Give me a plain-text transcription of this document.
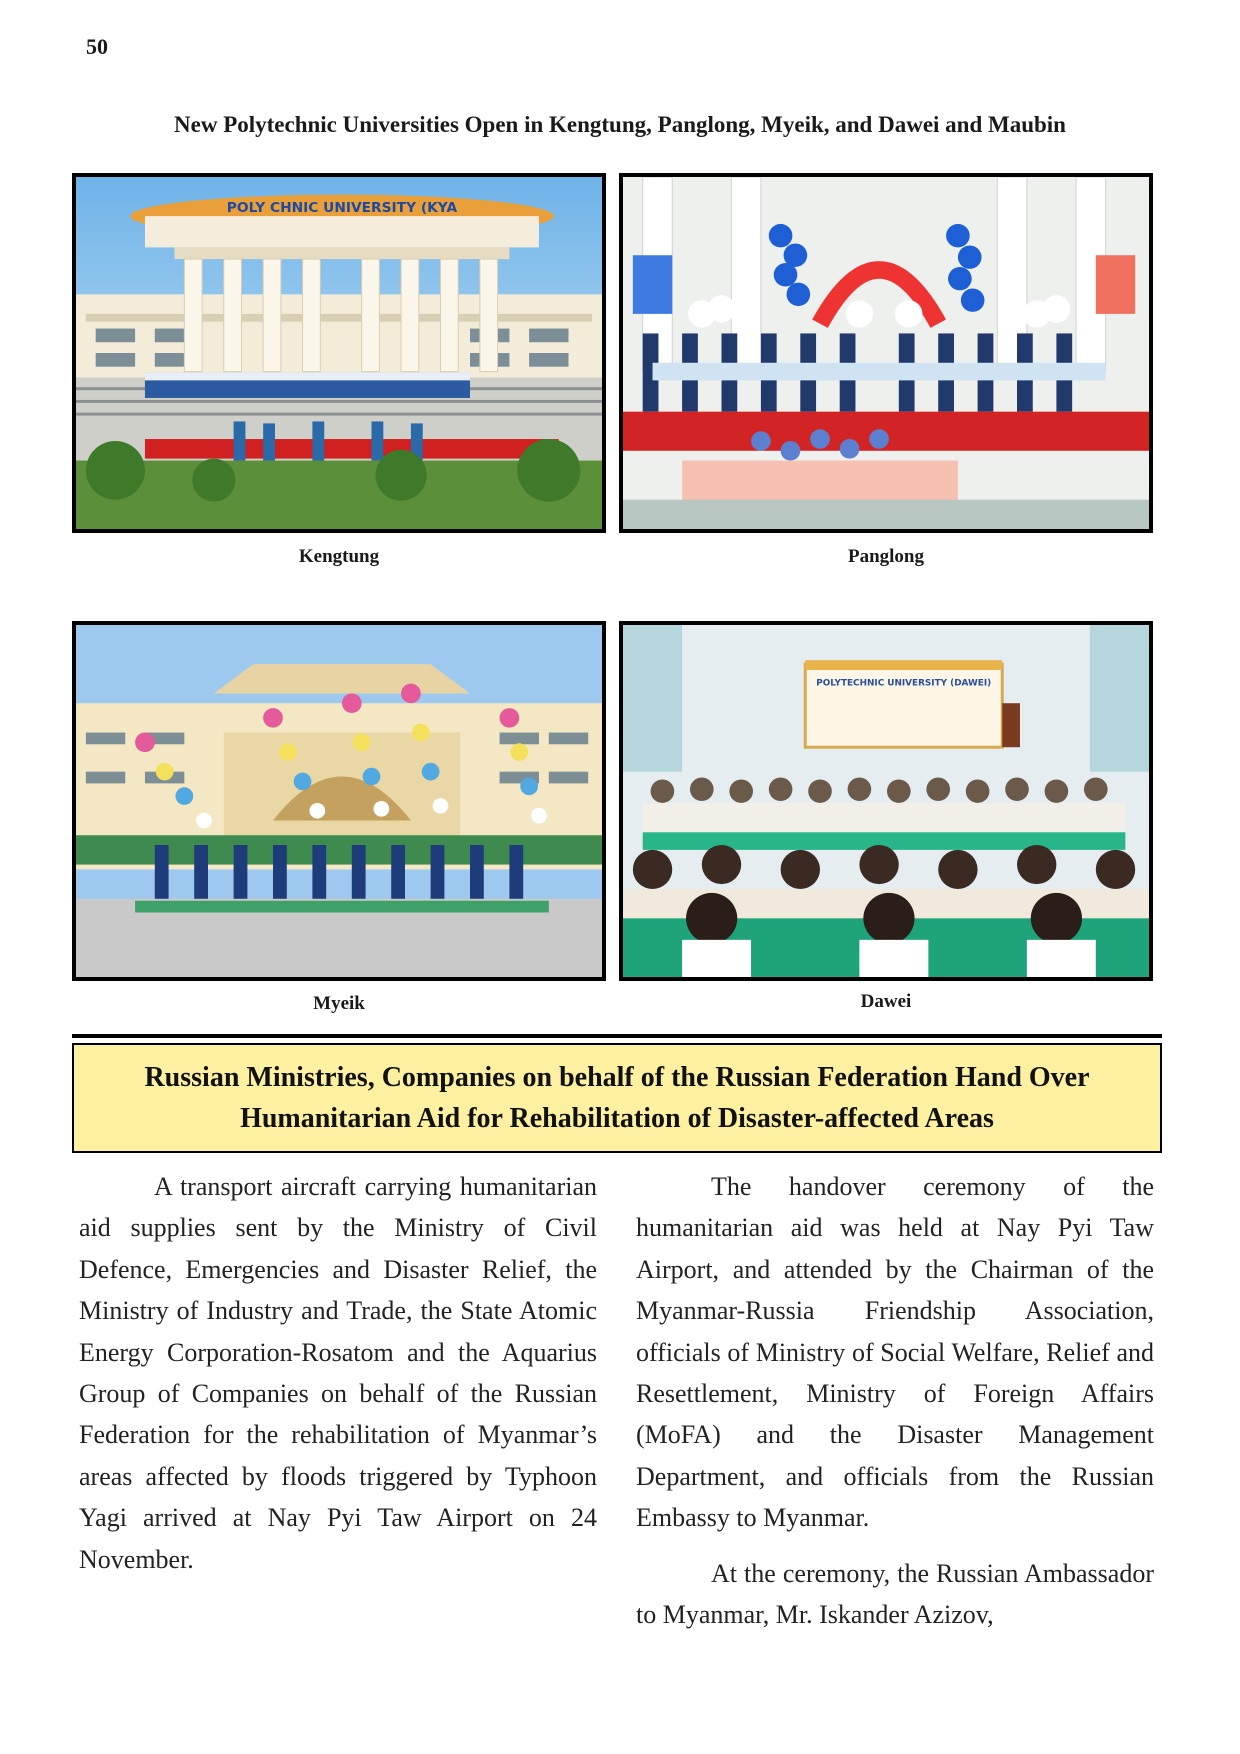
50
New Polytechnic Universities Open in Kengtung, Panglong, Myeik, and Dawei and Maubin
POLY CHNIC UNIVERSITY (KYA
Kengtung	Panglong
Myeik
POLYTECHNIC UNIVERSITY (DAWEI)
Dawei
Russian Ministries, Companies on behalf of the Russian Federation Hand Over Humanitarian Aid for Rehabilitation of Disaster-affected Areas

A transport aircraft carrying humanitarian aid supplies sent by the Ministry of Civil Defence, Emergencies and Disaster Relief, the Ministry of Industry and Trade, the State Atomic Energy Corporation-Rosatom and the Aquarius Group of Companies on behalf of the Russian Federation for the rehabilitation of Myanmar’s areas affected by floods triggered by Typhoon Yagi arrived at Nay Pyi Taw Airport on 24 November.

The handover ceremony of the humanitarian aid was held at Nay Pyi Taw Airport, and attended by the Chairman of the Myanmar-Russia Friendship Association, officials of Ministry of Social Welfare, Relief and Resettlement, Ministry of Foreign Affairs (MoFA) and the Disaster Management Department, and officials from the Russian Embassy to Myanmar.

At the ceremony, the Russian Ambassador to Myanmar, Mr. Iskander Azizov,
